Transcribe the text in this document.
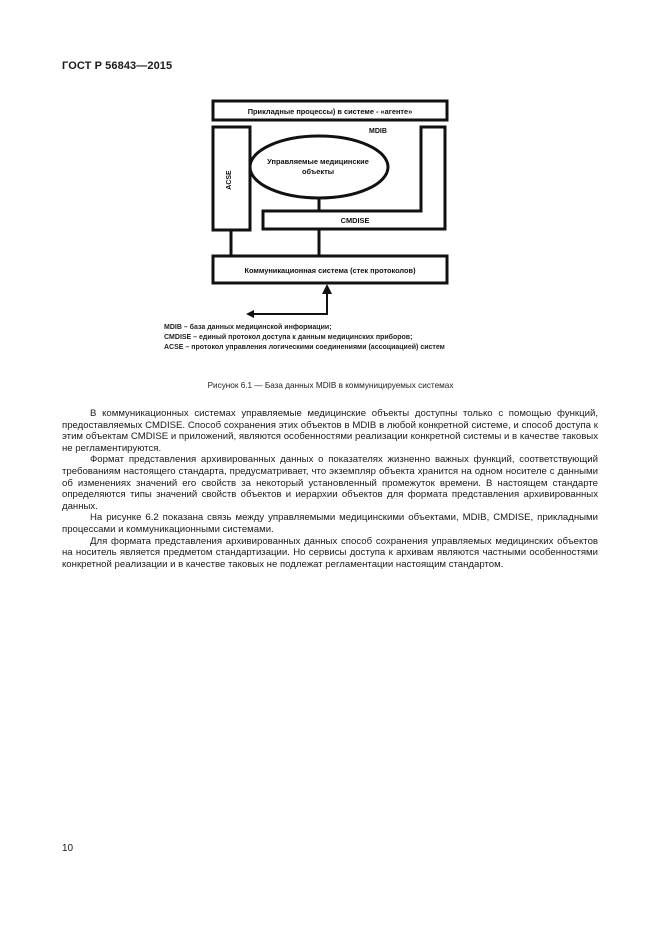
ГОСТ Р 56843—2015
Прикладные процессы) в системе - «агенте»
MDIB
ACSE
Управляемые медицинские
объекты
CMDISE
Коммуникационная система (стек протоколов)
MDIB – база данных медицинской информации;
CMDISE – единый протокол доступа к данным медицинских приборов;
ACSE – протокол управления логическими соединениями (ассоциацией) систем
Рисунок 6.1 — База данных MDIB в коммуницируемых системах

В коммуникационных системах управляемые медицинские объекты доступны только с помощью функций, предоставляемых CMDISE. Способ сохранения этих объектов в MDIB в любой конкретной системе, и способ доступа к этим объектам CMDISE и приложений, являются особенностями реализации конкретной системы и в качестве таковых не регламентируются.

Формат представления архивированных данных о показателях жизненно важных функций, соответствующий требованиям настоящего стандарта, предусматривает, что экземпляр объекта хранится на одном носителе с данными об изменениях значений его свойств за некоторый установленный промежуток времени. В настоящем стандарте определяются типы значений свойств объектов и иерархии объектов для формата представления архивированных данных.

На рисунке 6.2 показана связь между управляемыми медицинскими объектами, MDIB, CMDISE, прикладными процессами и коммуникационными системами.

Для формата представления архивированных данных способ сохранения управляемых медицинских объектов на носитель является предметом стандартизации. Но сервисы доступа к архивам являются частными особенностями конкретной реализации и в качестве таковых не подлежат регламентации настоящим стандартом.

10
